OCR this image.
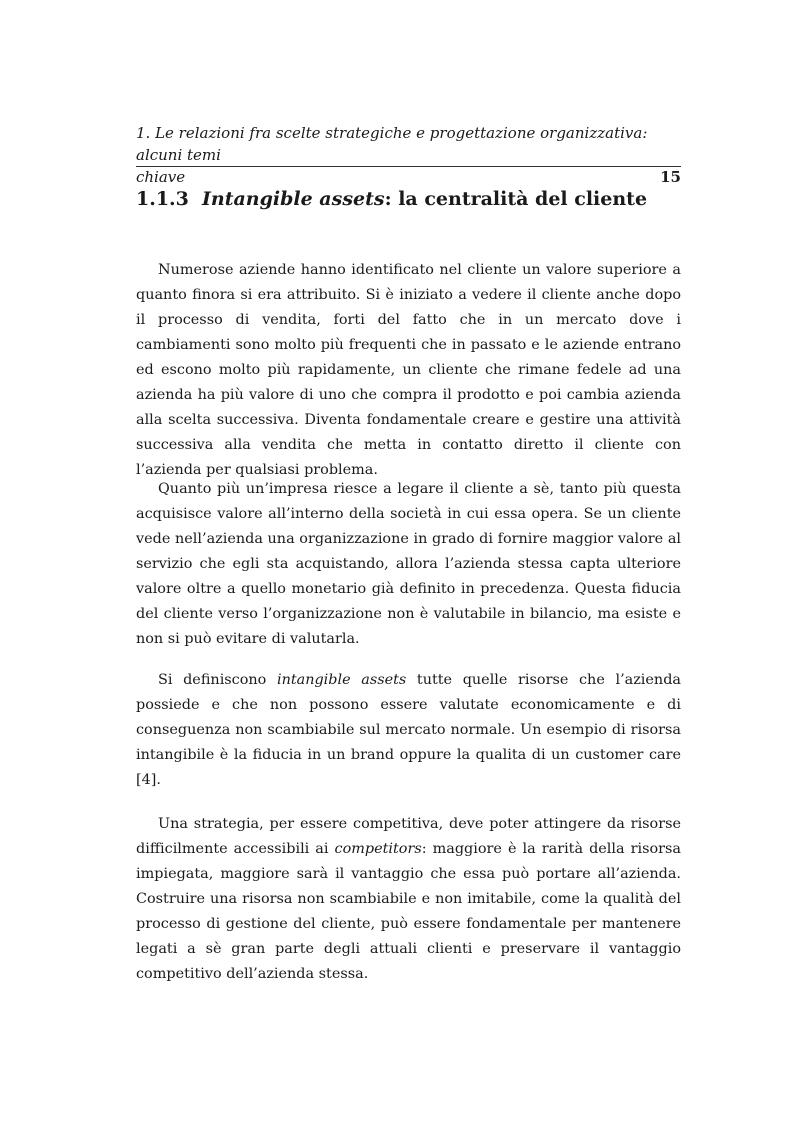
1. Le relazioni fra scelte strategiche e progettazione organizzativa: alcuni temi
chiave	15
1.1.3 Intangible assets: la centralità del cliente

Numerose aziende hanno identificato nel cliente un valore superiore a quanto finora si era attribuito. Si è iniziato a vedere il cliente anche dopo il processo di vendita, forti del fatto che in un mercato dove i cambiamenti sono molto più frequenti che in passato e le aziende entrano ed escono molto più rapidamente, un cliente che rimane fedele ad una azienda ha più valore di uno che compra il prodotto e poi cambia azienda alla scelta successiva. Diventa fondamentale creare e gestire una attività successiva alla vendita che metta in contatto diretto il cliente con l’azienda per qualsiasi problema.

Quanto più un’impresa riesce a legare il cliente a sè, tanto più questa acquisisce valore all’interno della società in cui essa opera. Se un cliente vede nell’azienda una organizzazione in grado di fornire maggior valore al servizio che egli sta acquistando, allora l’azienda stessa capta ulteriore valore oltre a quello monetario già definito in precedenza. Questa fiducia del cliente verso l’organizzazione non è valutabile in bilancio, ma esiste e non si può evitare di valutarla.

Si definiscono intangible assets tutte quelle risorse che l’azienda possiede e che non possono essere valutate economicamente e di conseguenza non scambiabile sul mercato normale. Un esempio di risorsa intangibile è la fiducia in un brand oppure la qualita di un customer care [4].

Una strategia, per essere competitiva, deve poter attingere da risorse difficilmente accessibili ai competitors: maggiore è la rarità della risorsa impiegata, maggiore sarà il vantaggio che essa può portare all’azienda. Costruire una risorsa non scambiabile e non imitabile, come la qualità del processo di gestione del cliente, può essere fondamentale per mantenere legati a sè gran parte degli attuali clienti e preservare il vantaggio competitivo dell’azienda stessa.
